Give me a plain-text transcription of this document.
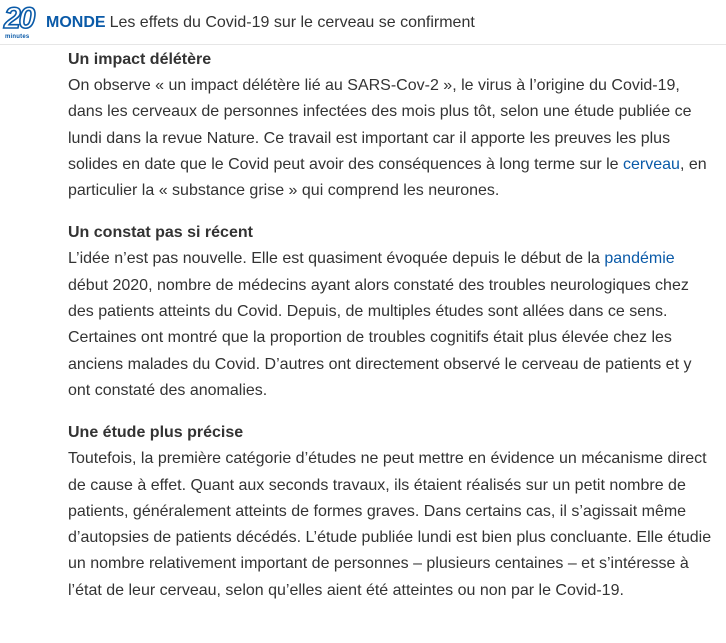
20
minutes
MONDE Les effets du Covid-19 sur le cerveau se confirment
Un impact délétère

On observe « un impact délétère lié au SARS-Cov-2 », le virus à l’origine du Covid-19, dans les cerveaux de personnes infectées des mois plus tôt, selon une étude publiée ce lundi dans la revue Nature. Ce travail est important car il apporte les preuves les plus solides en date que le Covid peut avoir des conséquences à long terme sur le cerveau, en particulier la « substance grise » qui comprend les neurones.

Un constat pas si récent

L’idée n’est pas nouvelle. Elle est quasiment évoquée depuis le début de la pandémie début 2020, nombre de médecins ayant alors constaté des troubles neurologiques chez des patients atteints du Covid. Depuis, de multiples études sont allées dans ce sens. Certaines ont montré que la proportion de troubles cognitifs était plus élevée chez les anciens malades du Covid. D’autres ont directement observé le cerveau de patients et y ont constaté des anomalies.

Une étude plus précise

Toutefois, la première catégorie d’études ne peut mettre en évidence un mécanisme direct de cause à effet. Quant aux seconds travaux, ils étaient réalisés sur un petit nombre de patients, généralement atteints de formes graves. Dans certains cas, il s’agissait même d’autopsies de patients décédés. L’étude publiée lundi est bien plus concluante. Elle étudie un nombre relativement important de personnes – plusieurs centaines – et s’intéresse à l’état de leur cerveau, selon qu’elles aient été atteintes ou non par le Covid-19.
